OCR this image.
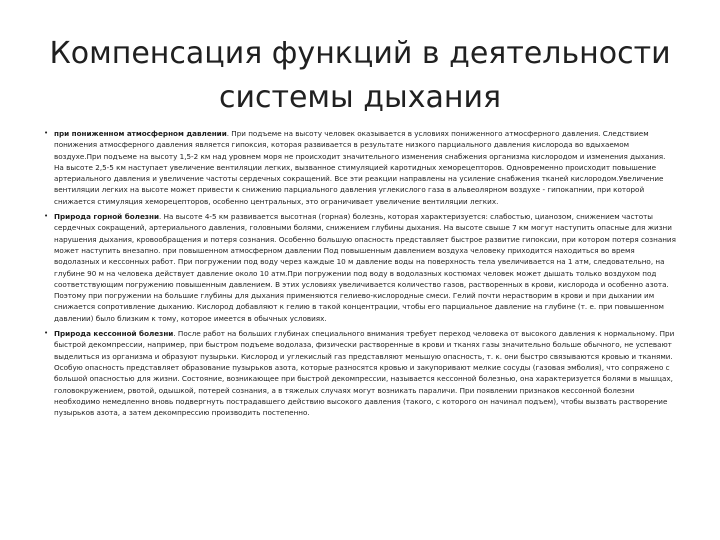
Компенсация функций в деятельности системы дыхания
• при пониженном атмосферном давлении. При подъеме на высоту человек оказывается в условиях пониженного атмосферного давления. Следствием понижения атмосферного давления является гипоксия, которая развивается в результате низкого парциального давления кислорода во вдыхаемом воздухе.При подъеме на высоту 1,5-2 км над уровнем моря не происходит значительного изменения снабжения организма кислородом и изменения дыхания. На высоте 2,5-5 км наступает увеличение вентиляции легких, вызванное стимуляцией каротидных хеморецепторов. Одновременно происходит повышение артериального давления и увеличение частоты сердечных сокращений. Все эти реакции направлены на усиление снабжения тканей кислородом.Увеличение вентиляции легких на высоте может привести к снижению парциального давления углекислого газа в альвеолярном воздухе - гипокапнии, при которой снижается стимуляция хеморецепторов, особенно центральных, это ограничивает увеличение вентиляции легких.
• Природа горной болезни. На высоте 4-5 км развивается высотная (горная) болезнь, которая характеризуется: слабостью, цианозом, снижением частоты сердечных сокращений, артериального давления, головными болями, снижением глубины дыхания. На высоте свыше 7 км могут наступить опасные для жизни нарушения дыхания, кровообращения и потеря сознания. Особенно большую опасность представляет быстрое развитие гипоксии, при котором потеря сознания может наступить внезапно. при повышенном атмосферном давлении Под повышенным давлением воздуха человеку приходится находиться во время водолазных и кессонных работ. При погружении под воду через каждые 10 м давление воды на поверхность тела увеличивается на 1 атм, следовательно, на глубине 90 м на человека действует давление около 10 атм.При погружении под воду в водолазных костюмах человек может дышать только воздухом под соответствующим погружению повышенным давлением. В этих условиях увеличивается количество газов, растворенных в крови, кислорода и особенно азота. Поэтому при погружении на большие глубины для дыхания применяются гелиево-кислородные смеси. Гелий почти нерастворим в крови и при дыхании им снижается сопротивление дыханию. Кислород добавляют к гелию в такой концентрации, чтобы его парциальное давление на глубине (т. е. при повышенном давлении) было близким к тому, которое имеется в обычных условиях.
• Природа кессонной болезни. После работ на больших глубинах специального внимания требует переход человека от высокого давления к нормальному. При быстрой декомпрессии, например, при быстром подъеме водолаза, физически растворенные в крови и тканях газы значительно больше обычного, не успевают выделиться из организма и образуют пузырьки. Кислород и углекислый газ представляют меньшую опасность, т. к. они быстро связываются кровью и тканями. Особую опасность представляет образование пузырьков азота, которые разносятся кровью и закупоривают мелкие сосуды (газовая эмболия), что сопряжено с большой опасностью для жизни. Состояние, возникающее при быстрой декомпрессии, называется кессонной болезнью, она характеризуется болями в мышцах, головокружением, рвотой, одышкой, потерей сознания, а в тяжелых случаях могут возникать параличи. При появлении признаков кессонной болезни необходимо немедленно вновь подвергнуть пострадавшего действию высокого давления (такого, с которого он начинал подъем), чтобы вызвать растворение пузырьков азота, а затем декомпрессию производить постепенно.
